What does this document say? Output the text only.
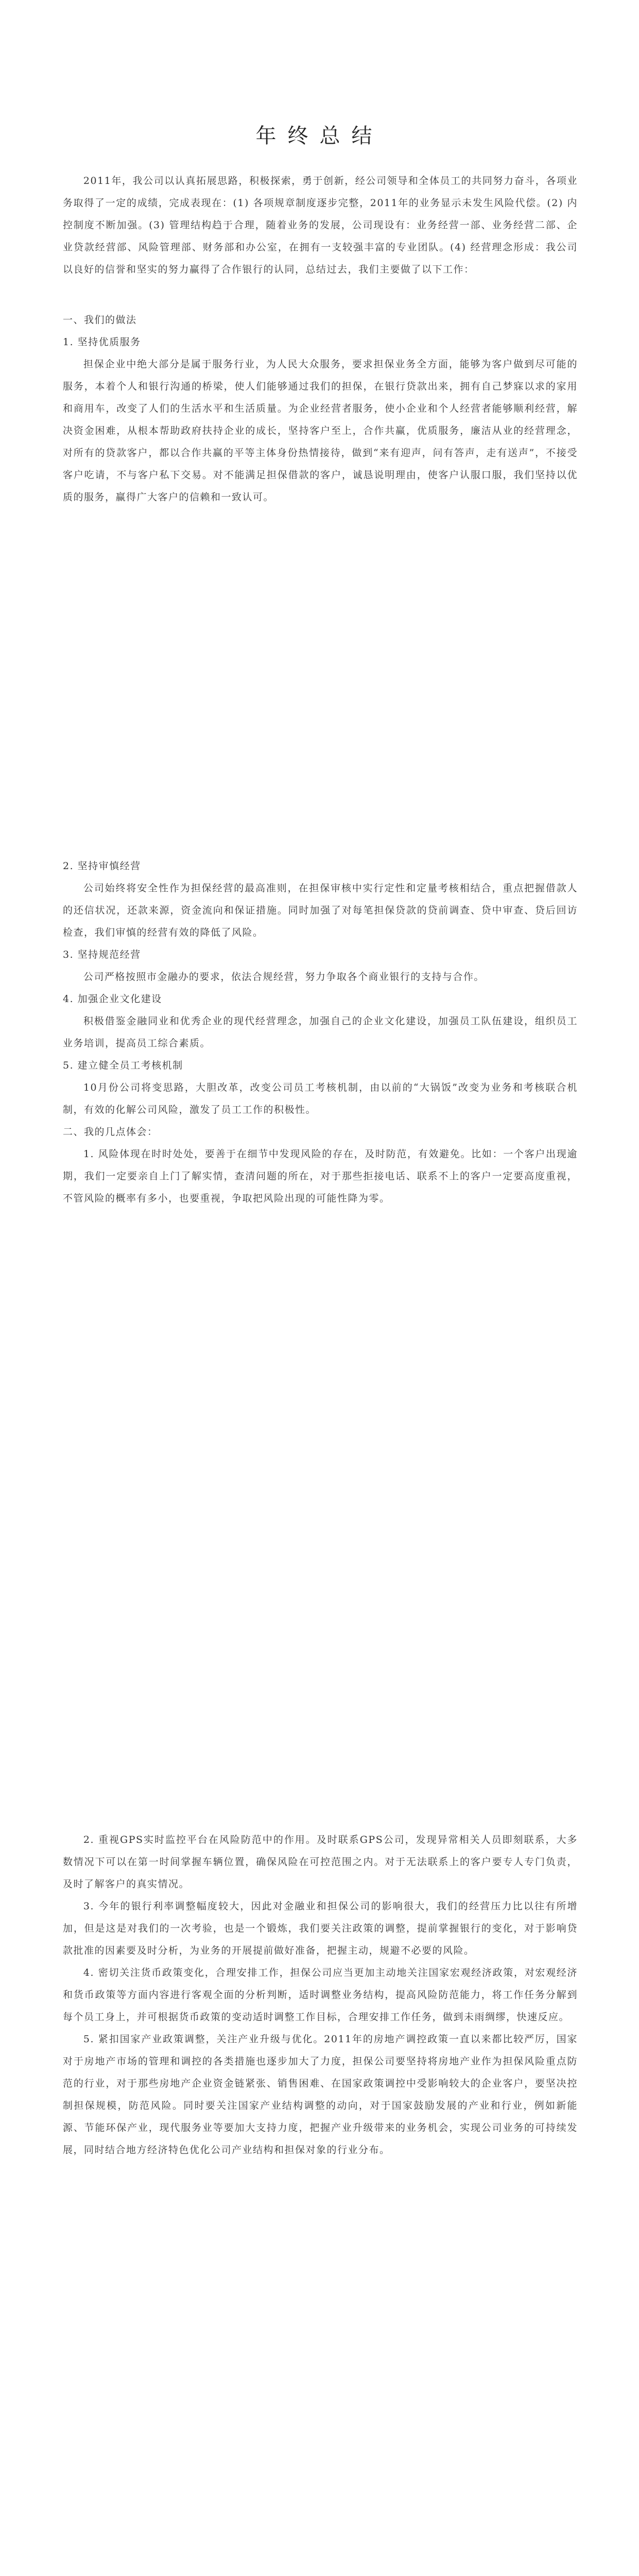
年终总结

2011年，我公司以认真拓展思路，积极探索，勇于创新，经公司领导和全体员工的共同努力奋斗，各项业务取得了一定的成绩，完成表现在：(1) 各项规章制度逐步完整，2011年的业务显示未发生风险代偿。(2) 内控制度不断加强。(3) 管理结构趋于合理，随着业务的发展，公司现设有：业务经营一部、业务经营二部、企业贷款经营部、风险管理部、财务部和办公室，在拥有一支较强丰富的专业团队。(4) 经营理念形成：我公司以良好的信誉和坚实的努力赢得了合作银行的认同，总结过去，我们主要做了以下工作：

一、我们的做法

1. 坚持优质服务

担保企业中绝大部分是属于服务行业，为人民大众服务，要求担保业务全方面，能够为客户做到尽可能的服务，本着个人和银行沟通的桥梁，使人们能够通过我们的担保，在银行贷款出来，拥有自己梦寐以求的家用和商用车，改变了人们的生活水平和生活质量。为企业经营者服务，使小企业和个人经营者能够顺利经营，解决资金困难，从根本帮助政府扶持企业的成长，坚持客户至上，合作共赢，优质服务，廉洁从业的经营理念，对所有的贷款客户，都以合作共赢的平等主体身份热情接待，做到“来有迎声，问有答声，走有送声”，不接受客户吃请，不与客户私下交易。对不能满足担保借款的客户，诚恳说明理由，使客户认服口服，我们坚持以优质的服务，赢得广大客户的信赖和一致认可。

2. 坚持审慎经营

公司始终将安全性作为担保经营的最高准则，在担保审核中实行定性和定量考核相结合，重点把握借款人的还信状况，还款来源，资金流向和保证措施。同时加强了对每笔担保贷款的贷前调查、贷中审查、贷后回访检查，我们审慎的经营有效的降低了风险。

3. 坚持规范经营

公司严格按照市金融办的要求，依法合规经营，努力争取各个商业银行的支持与合作。

4. 加强企业文化建设

积极借鉴金融同业和优秀企业的现代经营理念，加强自己的企业文化建设，加强员工队伍建设，组织员工业务培训，提高员工综合素质。

5. 建立健全员工考核机制

10月份公司将变思路，大胆改革，改变公司员工考核机制，由以前的“大锅饭”改变为业务和考核联合机制，有效的化解公司风险，激发了员工工作的积极性。

二、我的几点体会：

1. 风险体现在时时处处，要善于在细节中发现风险的存在，及时防范，有效避免。比如：一个客户出现逾期，我们一定要亲自上门了解实情，查清问题的所在，对于那些拒接电话、联系不上的客户一定要高度重视，不管风险的概率有多小，也要重视，争取把风险出现的可能性降为零。

2. 重视GPS实时监控平台在风险防范中的作用。及时联系GPS公司，发现异常相关人员即刻联系，大多数情况下可以在第一时间掌握车辆位置，确保风险在可控范围之内。对于无法联系上的客户要专人专门负责，及时了解客户的真实情况。

3. 今年的银行利率调整幅度较大，因此对金融业和担保公司的影响很大，我们的经营压力比以往有所增加，但是这是对我们的一次考验，也是一个锻炼，我们要关注政策的调整，提前掌握银行的变化，对于影响贷款批准的因素要及时分析，为业务的开展提前做好准备，把握主动，规避不必要的风险。

4. 密切关注货币政策变化，合理安排工作，担保公司应当更加主动地关注国家宏观经济政策，对宏观经济和货币政策等方面内容进行客观全面的分析判断，适时调整业务结构，提高风险防范能力，将工作任务分解到每个员工身上，并可根据货币政策的变动适时调整工作目标，合理安排工作任务，做到未雨绸缪，快速反应。

5. 紧扣国家产业政策调整，关注产业升级与优化。2011年的房地产调控政策一直以来都比较严厉，国家对于房地产市场的管理和调控的各类措施也逐步加大了力度，担保公司要坚持将房地产业作为担保风险重点防范的行业，对于那些房地产企业资金链紧张、销售困难、在国家政策调控中受影响较大的企业客户，要坚决控制担保规模，防范风险。同时要关注国家产业结构调整的动向，对于国家鼓励发展的产业和行业，例如新能源、节能环保产业，现代服务业等要加大支持力度，把握产业升级带来的业务机会，实现公司业务的可持续发展，同时结合地方经济特色优化公司产业结构和担保对象的行业分布。
